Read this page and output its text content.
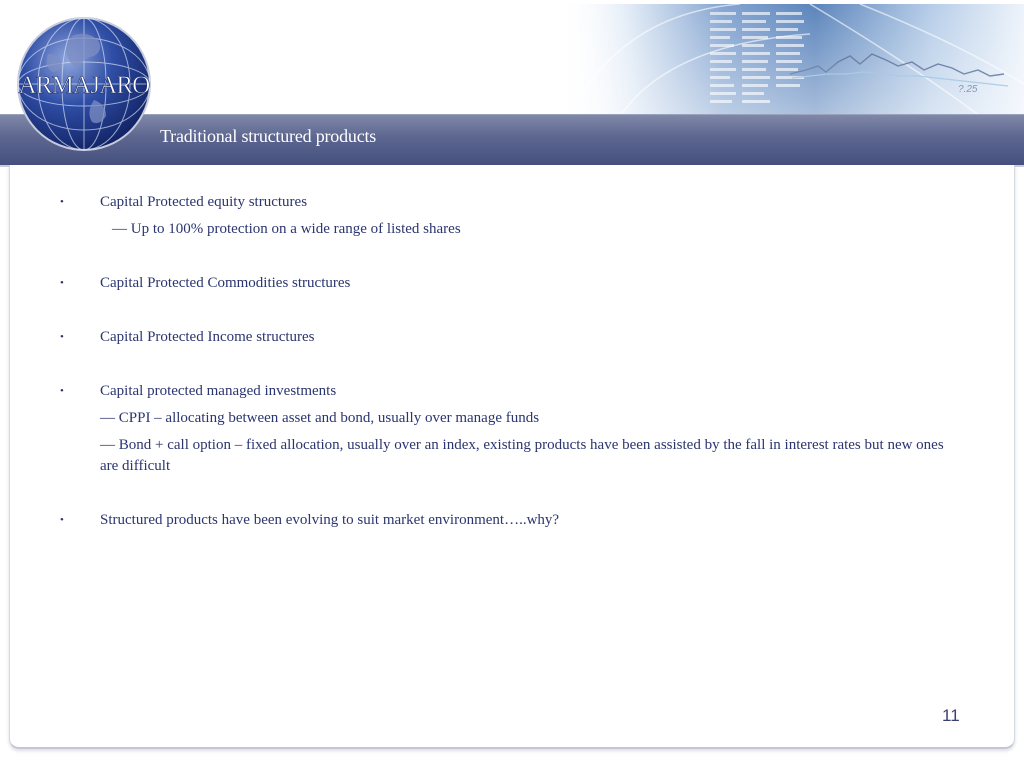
Traditional structured products
ARMAJARO
• Capital Protected equity structures
–– Up to 100% protection on a wide range of listed shares
• Capital Protected Commodities structures
• Capital Protected Income structures
• Capital protected managed investments
–– CPPI – allocating between asset and bond, usually over manage funds
–– Bond + call option – fixed allocation, usually over an index, existing products have been assisted by the fall in interest rates but new ones are difficult
• Structured products have been evolving to suit market environment…..why?
11
